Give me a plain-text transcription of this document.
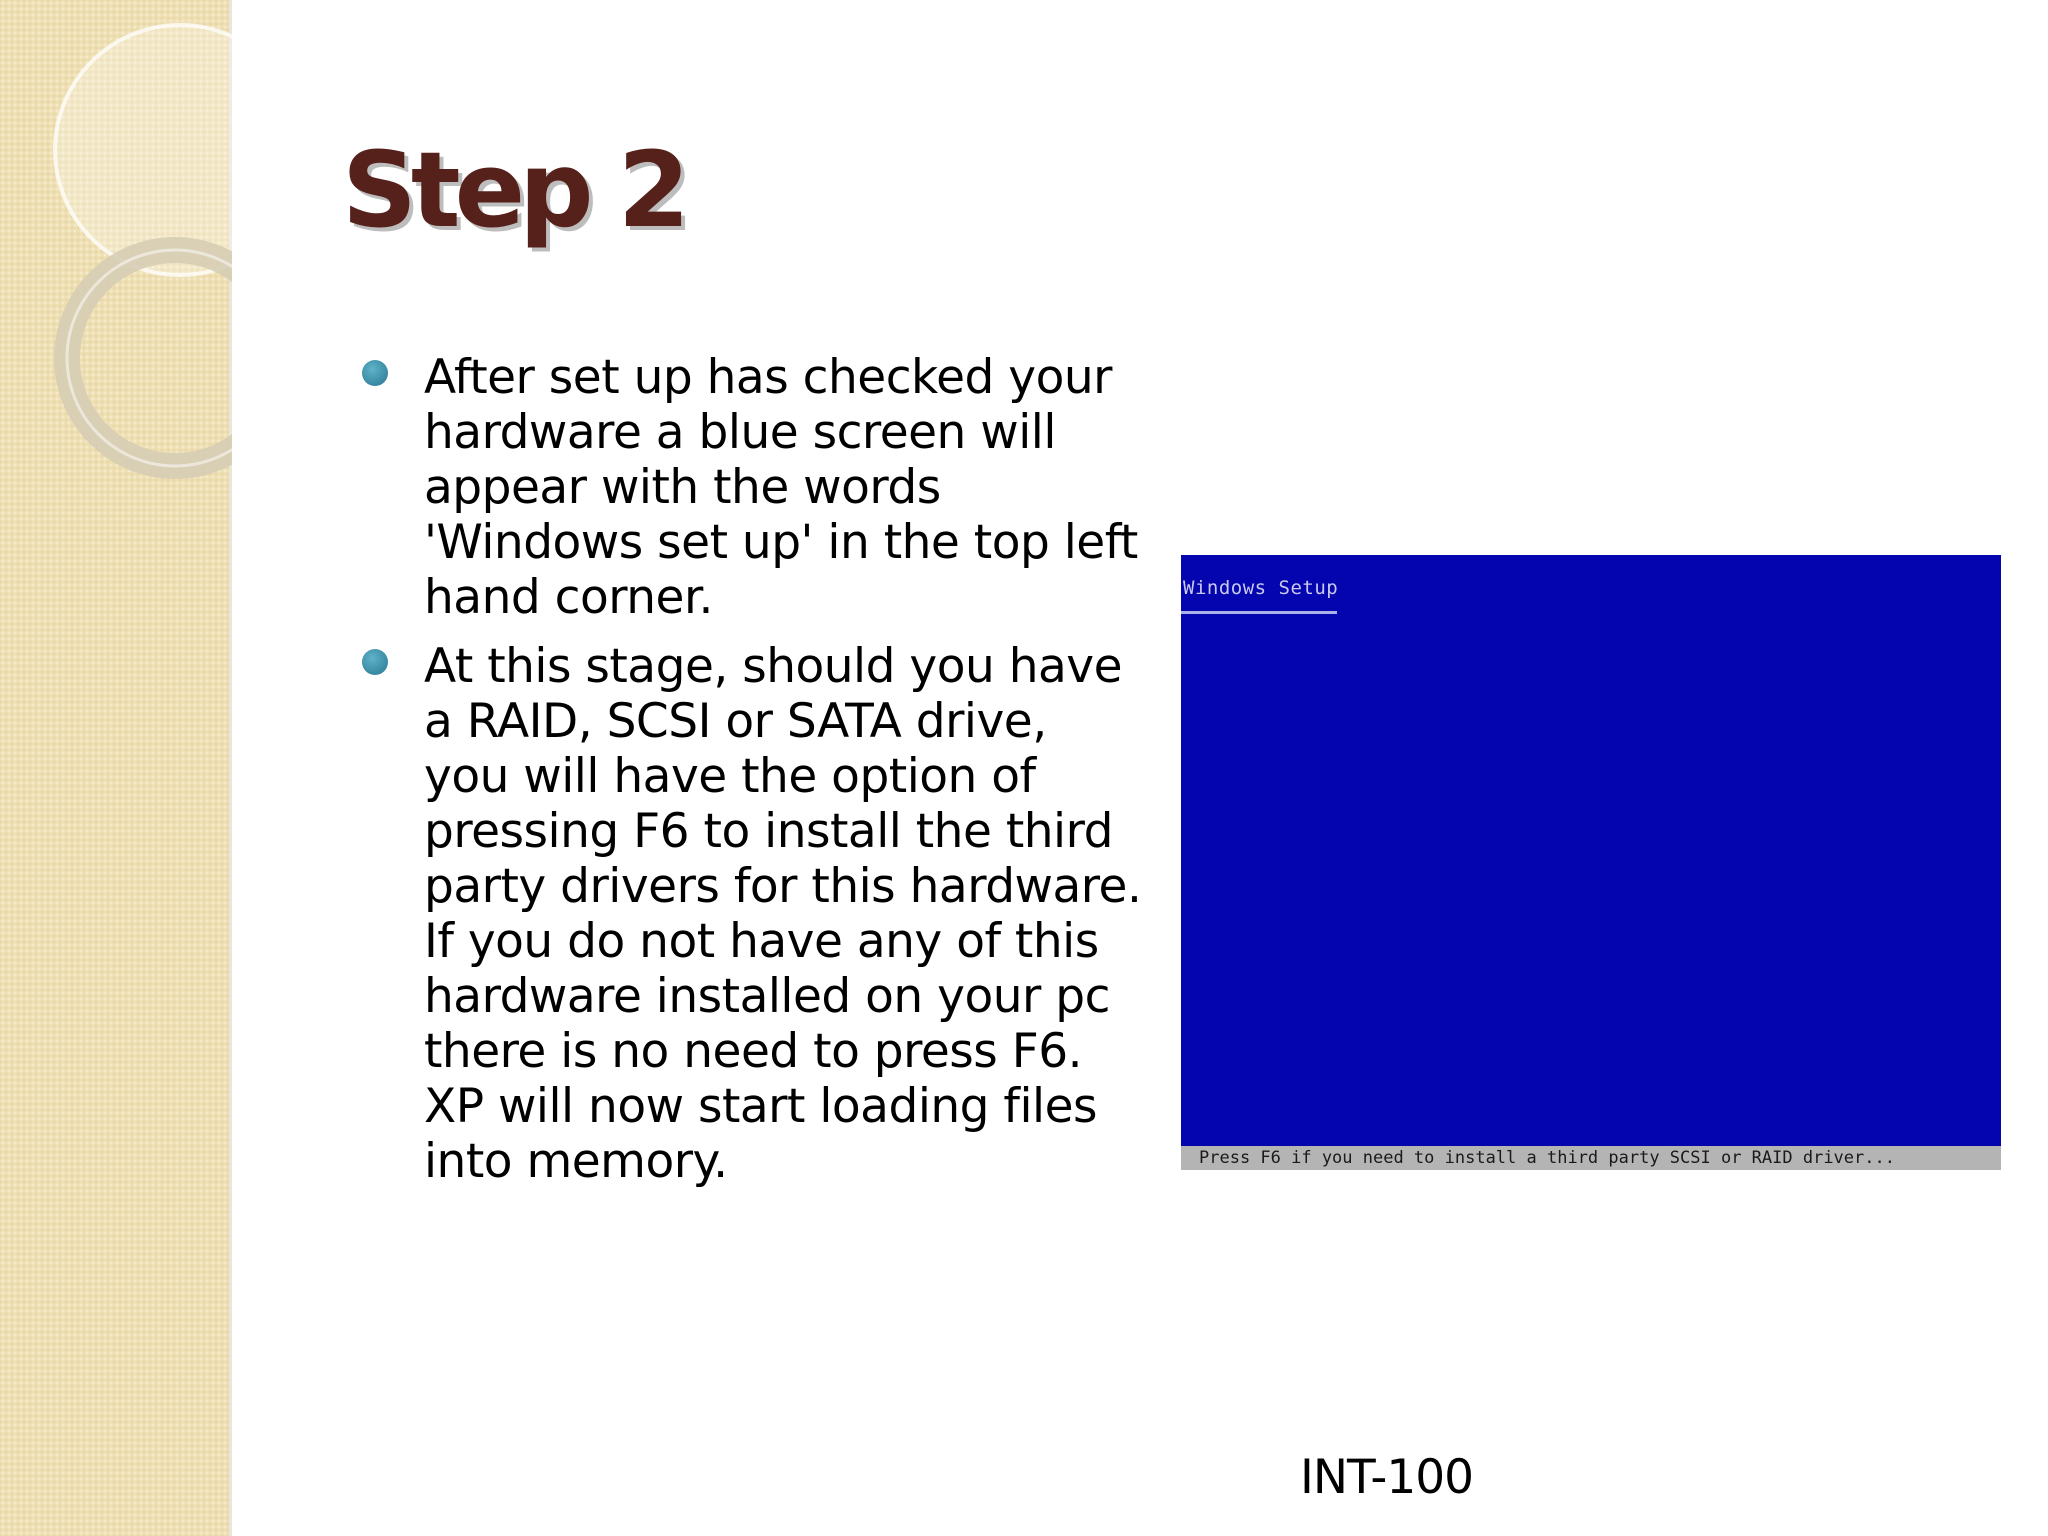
Step 2
After set up has checked your hardware a blue screen will appear with the words 'Windows set up' in the top left hand corner.
At this stage, should you have a RAID, SCSI or SATA drive, you will have the option of pressing F6 to install the third party drivers for this hardware. If you do not have any of this hardware installed on your pc there is no need to press F6. XP will now start loading files into memory.
Windows Setup
Press F6 if you need to install a third party SCSI or RAID driver...
INT-100
